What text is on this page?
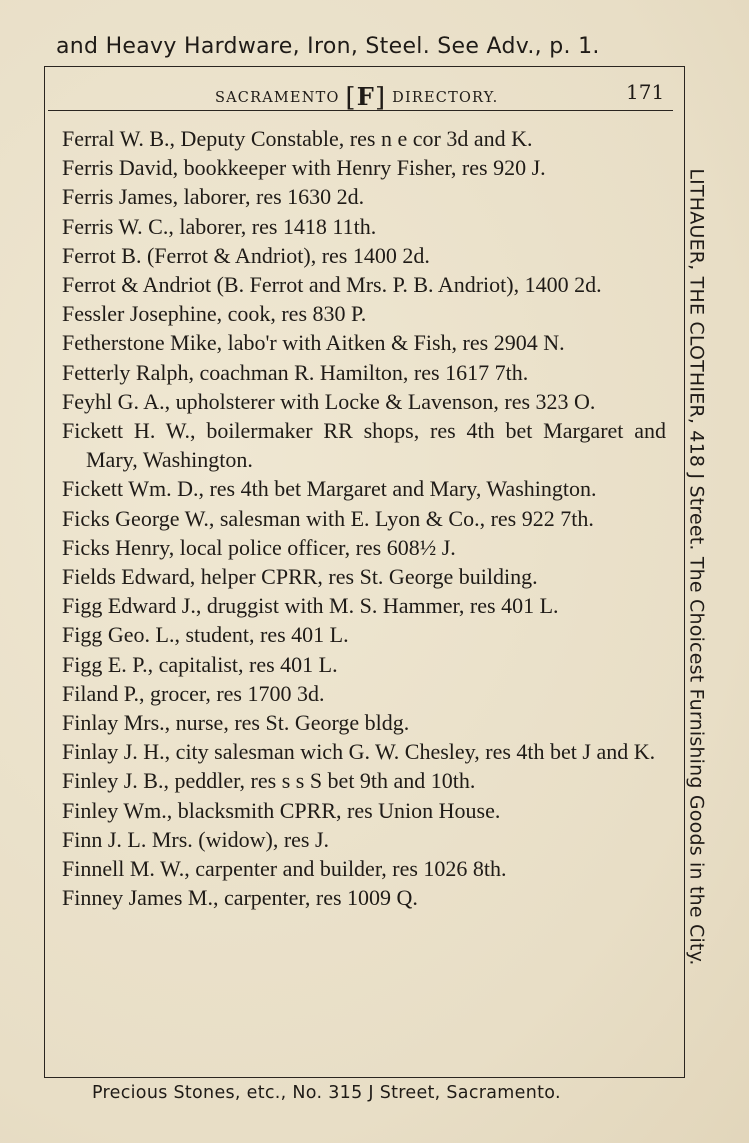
and Heavy Hardware, Iron, Steel. See Adv., p. 1.
SACRAMENTO [F] DIRECTORY.	171
Ferral W. B., Deputy Constable, res n e cor 3d and K.
Ferris David, bookkeeper with Henry Fisher, res 920 J.
Ferris James, laborer, res 1630 2d.
Ferris W. C., laborer, res 1418 11th.
Ferrot B. (Ferrot & Andriot), res 1400 2d.
Ferrot & Andriot (B. Ferrot and Mrs. P. B. Andriot), 1400 2d.
Fessler Josephine, cook, res 830 P.
Fetherstone Mike, labo'r with Aitken & Fish, res 2904 N.
Fetterly Ralph, coachman R. Hamilton, res 1617 7th.
Feyhl G. A., upholsterer with Locke & Lavenson, res 323 O.
Fickett H. W., boilermaker RR shops, res 4th bet Margaret and Mary, Washington.
Fickett Wm. D., res 4th bet Margaret and Mary, Washington.
Ficks George W., salesman with E. Lyon & Co., res 922 7th.
Ficks Henry, local police officer, res 608½ J.
Fields Edward, helper CPRR, res St. George building.
Figg Edward J., druggist with M. S. Hammer, res 401 L.
Figg Geo. L., student, res 401 L.
Figg E. P., capitalist, res 401 L.
Filand P., grocer, res 1700 3d.
Finlay Mrs., nurse, res St. George bldg.
Finlay J. H., city salesman wich G. W. Chesley, res 4th bet J and K.
Finley J. B., peddler, res s s S bet 9th and 10th.
Finley Wm., blacksmith CPRR, res Union House.
Finn J. L. Mrs. (widow), res J.
Finnell M. W., carpenter and builder, res 1026 8th.
Finney James M., carpenter, res 1009 Q.	LITHAUER, THE CLOTHIER, 418 J Street. The Choicest Furnishing Goods in the City.
Precious Stones, etc., No. 315 J Street, Sacramento.
